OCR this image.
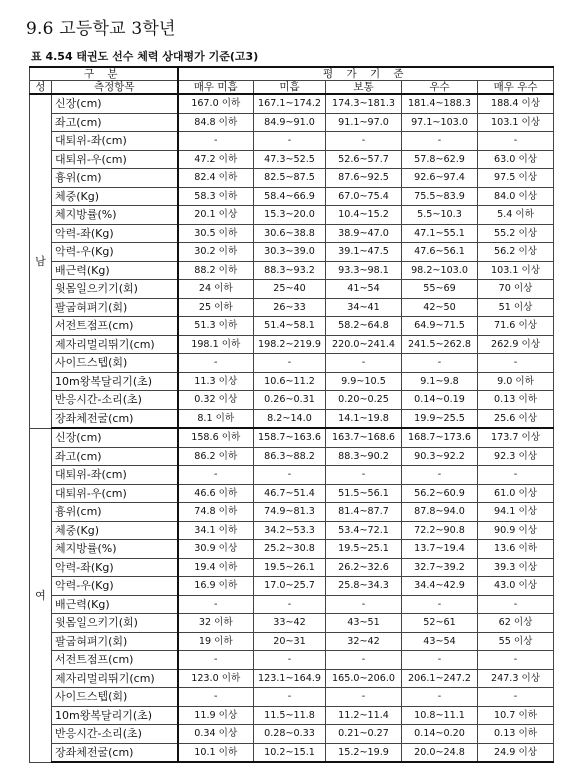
9.6 고등학교 3학년
표 4.54 태권도 선수 체력 상대평가 기준(고3)
구 분		평 가 기 준				
성	측정항목	매우 미흡	미흡	보통	우수	매우 우수
남	신장(cm)	167.0 이하	167.1~174.2	174.3~181.3	181.4~188.3	188.4 이상
	좌고(cm)	84.8 이하	84.9~91.0	91.1~97.0	97.1~103.0	103.1 이상
	대퇴위-좌(cm)	-	-	-	-	-
	대퇴위-우(cm)	47.2 이하	47.3~52.5	52.6~57.7	57.8~62.9	63.0 이상
	흉위(cm)	82.4 이하	82.5~87.5	87.6~92.5	92.6~97.4	97.5 이상
	체중(Kg)	58.3 이하	58.4~66.9	67.0~75.4	75.5~83.9	84.0 이상
	체지방률(%)	20.1 이상	15.3~20.0	10.4~15.2	5.5~10.3	5.4 이하
	악력-좌(Kg)	30.5 이하	30.6~38.8	38.9~47.0	47.1~55.1	55.2 이상
	악력-우(Kg)	30.2 이하	30.3~39.0	39.1~47.5	47.6~56.1	56.2 이상
	배근력(Kg)	88.2 이하	88.3~93.2	93.3~98.1	98.2~103.0	103.1 이상
	윗몸일으키기(회)	24 이하	25~40	41~54	55~69	70 이상
	팔굽혀펴기(회)	25 이하	26~33	34~41	42~50	51 이상
	서전트점프(cm)	51.3 이하	51.4~58.1	58.2~64.8	64.9~71.5	71.6 이상
	제자리멀리뛰기(cm)	198.1 이하	198.2~219.9	220.0~241.4	241.5~262.8	262.9 이상
	사이드스텝(회)	-	-	-	-	-
	10m왕복달리기(초)	11.3 이상	10.6~11.2	9.9~10.5	9.1~9.8	9.0 이하
	반응시간-소리(초)	0.32 이상	0.26~0.31	0.20~0.25	0.14~0.19	0.13 이하
	장좌체전굴(cm)	8.1 이하	8.2~14.0	14.1~19.8	19.9~25.5	25.6 이상
여	신장(cm)	158.6 이하	158.7~163.6	163.7~168.6	168.7~173.6	173.7 이상
	좌고(cm)	86.2 이하	86.3~88.2	88.3~90.2	90.3~92.2	92.3 이상
	대퇴위-좌(cm)	-	-	-	-	-
	대퇴위-우(cm)	46.6 이하	46.7~51.4	51.5~56.1	56.2~60.9	61.0 이상
	흉위(cm)	74.8 이하	74.9~81.3	81.4~87.7	87.8~94.0	94.1 이상
	체중(Kg)	34.1 이하	34.2~53.3	53.4~72.1	72.2~90.8	90.9 이상
	체지방률(%)	30.9 이상	25.2~30.8	19.5~25.1	13.7~19.4	13.6 이하
	악력-좌(Kg)	19.4 이하	19.5~26.1	26.2~32.6	32.7~39.2	39.3 이상
	악력-우(Kg)	16.9 이하	17.0~25.7	25.8~34.3	34.4~42.9	43.0 이상
	배근력(Kg)	-	-	-	-	-
	윗몸일으키기(회)	32 이하	33~42	43~51	52~61	62 이상
	팔굽혀펴기(회)	19 이하	20~31	32~42	43~54	55 이상
	서전트점프(cm)	-	-	-	-	-
	제자리멀리뛰기(cm)	123.0 이하	123.1~164.9	165.0~206.0	206.1~247.2	247.3 이상
	사이드스텝(회)	-	-	-	-	-
	10m왕복달리기(초)	11.9 이상	11.5~11.8	11.2~11.4	10.8~11.1	10.7 이하
	반응시간-소리(초)	0.34 이상	0.28~0.33	0.21~0.27	0.14~0.20	0.13 이하
	장좌체전굴(cm)	10.1 이하	10.2~15.1	15.2~19.9	20.0~24.8	24.9 이상
